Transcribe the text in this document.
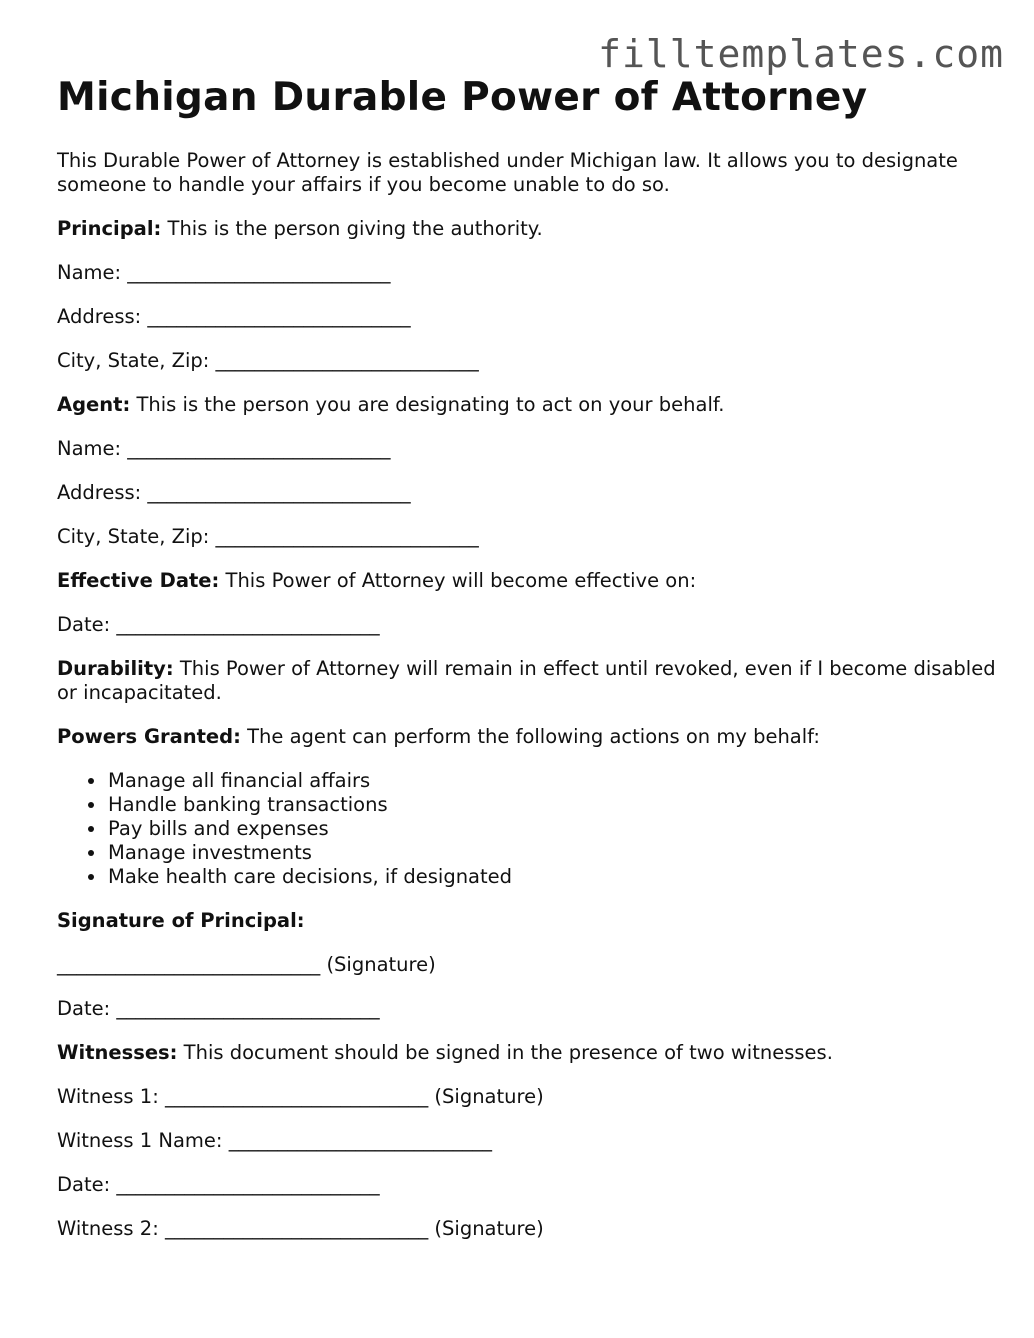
filltemplates.com
Michigan Durable Power of Attorney

This Durable Power of Attorney is established under Michigan law. It allows you to designate someone to handle your affairs if you become unable to do so.

Principal: This is the person giving the authority.

Name: ___________________________

Address: ___________________________

City, State, Zip: ___________________________

Agent: This is the person you are designating to act on your behalf.

Name: ___________________________

Address: ___________________________

City, State, Zip: ___________________________

Effective Date: This Power of Attorney will become effective on:

Date: ___________________________

Durability: This Power of Attorney will remain in effect until revoked, even if I become disabled or incapacitated.

Powers Granted: The agent can perform the following actions on my behalf:

• Manage all financial affairs
• Handle banking transactions
• Pay bills and expenses
• Manage investments
• Make health care decisions, if designated

Signature of Principal:

___________________________ (Signature)

Date: ___________________________

Witnesses: This document should be signed in the presence of two witnesses.

Witness 1: ___________________________ (Signature)

Witness 1 Name: ___________________________

Date: ___________________________

Witness 2: ___________________________ (Signature)
